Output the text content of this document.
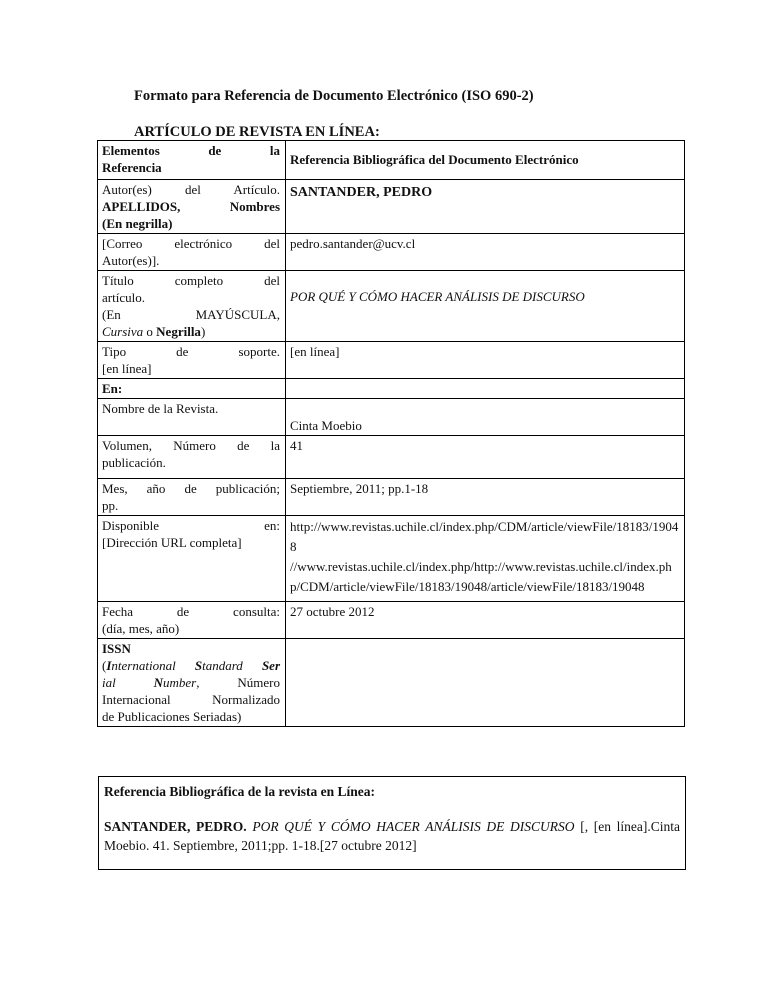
Formato para Referencia de Documento Electrónico (ISO 690-2)
ARTÍCULO DE REVISTA EN LÍNEA:
Elementos de la
Referencia	Referencia Bibliográfica del Documento Electrónico

Autor(es) del Artículo.
APELLIDOS, Nombres
(En negrilla)	SANTANDER, PEDRO

[Correo electrónico del
Autor(es)].	pedro.santander@ucv.cl

Título completo del
artículo.
(En MAYÚSCULA,
Cursiva o Negrilla)	POR QUÉ Y CÓMO HACER ANÁLISIS DE DISCURSO

Tipo de soporte.
[en línea]	[en línea]
En:	
Nombre de la Revista.	Cinta Moebio

Volumen, Número de la
publicación.	41

Mes, año de publicación;
pp.	Septiembre, 2011; pp.1-18

Disponible en:
[Dirección URL completa]	http://www.revistas.uchile.cl/index.php/CDM/article/viewFile/18183/19048
//www.revistas.uchile.cl/index.php/http://www.revistas.uchile.cl/index.php/CDM/article/viewFile/18183/19048/article/viewFile/18183/19048

Fecha de consulta:
(día, mes, año)	27 octubre 2012

ISSN
(International Standard Ser
ial Number, Número
Internacional Normalizado
de Publicaciones Seriadas)	

Referencia Bibliográfica de la revista en Línea:
SANTANDER, PEDRO. POR QUÉ Y CÓMO HACER ANÁLISIS DE DISCURSO [, [en línea].Cinta Moebio. 41. Septiembre, 2011;pp. 1-18.[27 octubre 2012]
